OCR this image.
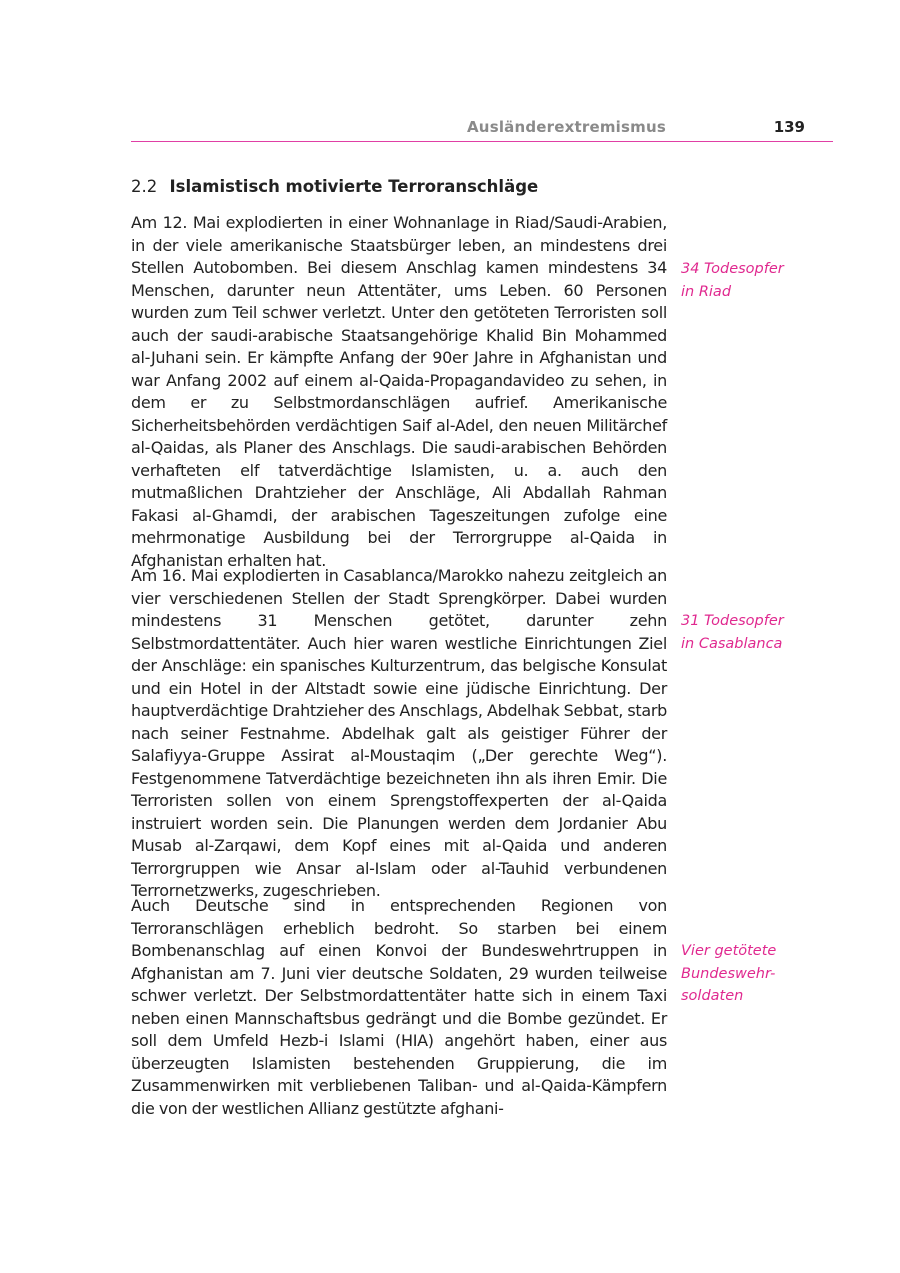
Ausländerextremismus	139
2.2 Islamistisch motivierte Terroranschläge

Am 12. Mai explodierten in einer Wohnanlage in Riad/Saudi-Arabien, in der viele amerikanische Staatsbürger leben, an mindestens drei Stellen Autobomben. Bei diesem Anschlag kamen mindestens 34 Menschen, darunter neun Attentäter, ums Leben. 60 Personen wurden zum Teil schwer verletzt. Unter den getöteten Terroristen soll auch der saudi-arabische Staatsangehörige Khalid Bin Mohammed al-Juhani sein. Er kämpfte Anfang der 90er Jahre in Afghanistan und war Anfang 2002 auf einem al-Qaida-Propagandavideo zu sehen, in dem er zu Selbstmordanschlägen aufrief. Amerikanische Sicherheitsbehörden verdächtigen Saif al-Adel, den neuen Militärchef al-Qaidas, als Planer des Anschlags. Die saudi-arabischen Behörden verhafteten elf tatverdächtige Islamisten, u. a. auch den mutmaßlichen Drahtzieher der Anschläge, Ali Abdallah Rahman Fakasi al-Ghamdi, der arabischen Tageszeitungen zufolge eine mehrmonatige Ausbildung bei der Terrorgruppe al-Qaida in Afghanistan erhalten hat.

Am 16. Mai explodierten in Casablanca/Marokko nahezu zeitgleich an vier verschiedenen Stellen der Stadt Sprengkörper. Dabei wurden mindestens 31 Menschen getötet, darunter zehn Selbstmordattentäter. Auch hier waren westliche Einrichtungen Ziel der Anschläge: ein spanisches Kulturzentrum, das belgische Konsulat und ein Hotel in der Altstadt sowie eine jüdische Einrichtung. Der hauptverdächtige Drahtzieher des Anschlags, Abdelhak Sebbat, starb nach seiner Festnahme. Abdelhak galt als geistiger Führer der Salafiyya-Gruppe Assirat al-Moustaqim („Der gerechte Weg“). Festgenommene Tatverdächtige bezeichneten ihn als ihren Emir. Die Terroristen sollen von einem Sprengstoffexperten der al-Qaida instruiert worden sein. Die Planungen werden dem Jordanier Abu Musab al-Zarqawi, dem Kopf eines mit al-Qaida und anderen Terrorgruppen wie Ansar al-Islam oder al-Tauhid verbundenen Terrornetzwerks, zugeschrieben.

Auch Deutsche sind in entsprechenden Regionen von Terroranschlägen erheblich bedroht. So starben bei einem Bombenanschlag auf einen Konvoi der Bundeswehrtruppen in Afghanistan am 7. Juni vier deutsche Soldaten, 29 wurden teilweise schwer verletzt. Der Selbstmordattentäter hatte sich in einem Taxi neben einen Mannschaftsbus gedrängt und die Bombe gezündet. Er soll dem Umfeld Hezb-i Islami (HIA) angehört haben, einer aus überzeugten Islamisten bestehenden Gruppierung, die im Zusammenwirken mit verbliebenen Taliban- und al-Qaida-Kämpfern die von der westlichen Allianz gestützte afghani-

34 Todesopfer
in Riad
31 Todesopfer
in Casablanca
Vier getötete
Bundeswehr-
soldaten
